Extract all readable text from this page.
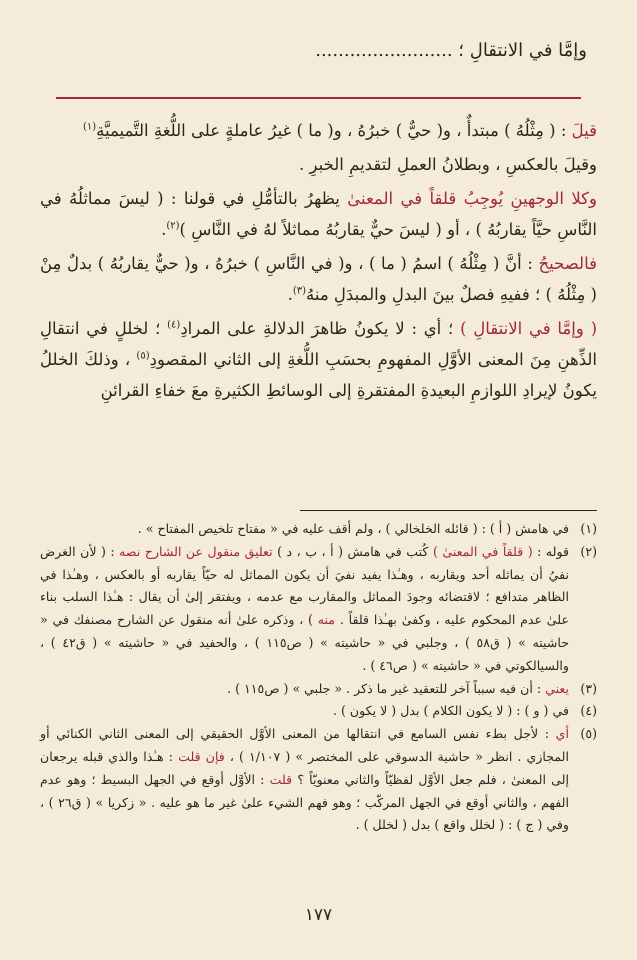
وإمَّا في الانتقالِ ؛ ........................

قيلَ : ( مِثْلُهُ ) مبتدأٌ ، و( حيٌّ ) خبرُهُ ، و( ما ) غيرُ عاملةٍ على اللُّغةِ التَّميميَّةِ$^{(١)}$

وقيلَ بالعكسِ ، وبطلانُ العملِ لتقديمِ الخبرِ .

وكلا الوجهينِ يُوجِبُ قلقاً في المعنىٰ يظهرُ بالتأمُّلِ في قولنا : ( ليسَ مماثلُهُ في النَّاسِ حيَّاً يقاربُهُ ) ، أو ( ليسَ حيٌّ يقاربُهُ مماثلاً لهُ في النَّاسِ )$^{(٢)}$.

فالصحيحُ : أنَّ ( مِثْلُهُ ) اسمُ ( ما ) ، و( في النَّاسِ ) خبرُهُ ، و( حيٌّ يقاربُهُ ) بدلٌ مِنْ ( مِثْلُهُ ) ؛ ففيهِ فصلٌ بينَ البدلِ والمبدَلِ منهُ$^{(٣)}$.

( وإمَّا في الانتقالِ ) ؛ أي : لا يكونُ ظاهرَ الدلالةِ على المرادِ$^{(٤)}$ ؛ لخللٍ في انتقالِ الذِّهنِ مِنَ المعنى الأوَّلِ المفهومِ بحسَبِ اللُّغةِ إلى الثاني المقصودِ$^{(٥)}$ ، وذلكَ الخللُ يكونُ لإيرادِ اللوازمِ البعيدةِ المفتقرةِ إلى الوسائطِ الكثيرةِ معَ خفاءِ القرائنِ

(١)
في هامش ( أ ) : ( قائله الخلخالي ) ، ولم أقف عليه في « مفتاح تلخيص المفتاح » .
(٢)
قوله : ( قلقاً في المعنىٰ ) كُتب في هامش ( أ ، ب ، د ) تعليق منقول عن الشارح نصه : ( لأن الغرض نفيُ أن يماثله أحد ويقاربه ، وهـٰذا يفيد نفيَ أن يكون المماثل له حيّاً يقاربه أو بالعكس ، وهـٰذا في الظاهر متدافع ؛ لاقتضائه وجودَ المماثل والمقارب مع عدمه ، ويفتقر إلىٰ أن يقال : هـٰذا السلب بناء علىٰ عدم المحكوم عليه ، وكفىٰ بهـٰذا قلقاً . منه ) ، وذكره علىٰ أنه منقول عن الشارح مصنفك في « حاشيته » ( ق٥٨ ) ، وجلبي في « حاشيته » ( ص١١٥ ) ، والحفيد في « حاشيته » ( ق٤٢ ) ، والسيالكوتي في « حاشيته » ( ص٤٦ ) .
(٣)
يعني : أن فيه سبباً آخر للتعقيد غير ما ذكر . « جلبي » ( ص١١٥ ) .
(٤)
في ( و ) : ( لا يكون الكلام ) بدل ( لا يكون ) .
(٥)
أي : لأجل بطء نفس السامع في انتقالها من المعنى الأوَّل الحقيقي إلى المعنى الثاني الكنائي أو المجازي . انظر « حاشية الدسوقي على المختصر » ( ١/١٠٧ ) ، فإن قلت : هـٰذا والذي قبله يرجعان إلى المعنىٰ ، فلم جعل الأوَّل لفظيّاً والثاني معنويّاً ؟ قلت : الأوَّل أوقع في الجهل البسيط ؛ وهو عدم الفهم ، والثاني أوقع في الجهل المركّب ؛ وهو فهم الشيء علىٰ غير ما هو عليه . « زكريا » ( ق٢٦ ) ، وفي ( ج ) : ( لخلل واقع ) بدل ( لخلل ) .
١٧٧
